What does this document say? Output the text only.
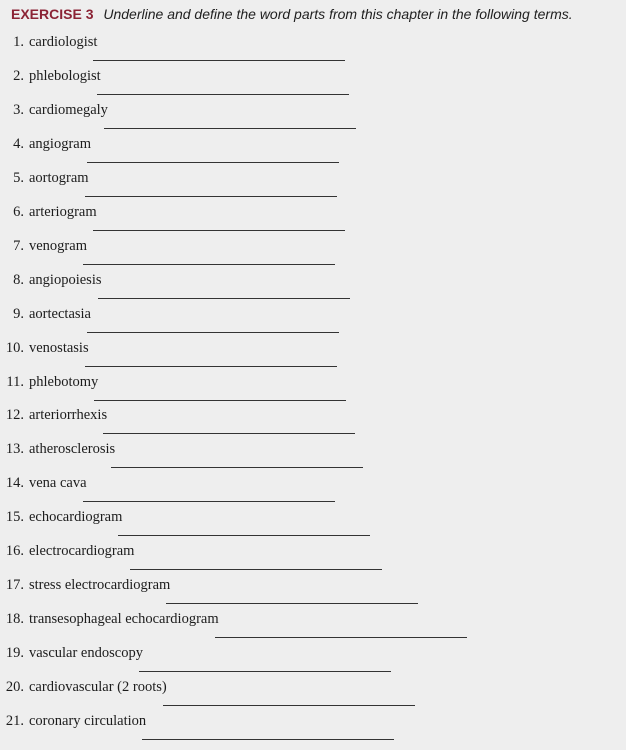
EXERCISE 3 Underline and define the word parts from this chapter in the following terms.
1. cardiologist
2. phlebologist
3. cardiomegaly
4. angiogram
5. aortogram
6. arteriogram
7. venogram
8. angiopoiesis
9. aortectasia
10. venostasis
11. phlebotomy
12. arteriorrhexis
13. atherosclerosis
14. vena cava
15. echocardiogram
16. electrocardiogram
17. stress electrocardiogram
18. transesophageal echocardiogram
19. vascular endoscopy
20. cardiovascular (2 roots)
21. coronary circulation
